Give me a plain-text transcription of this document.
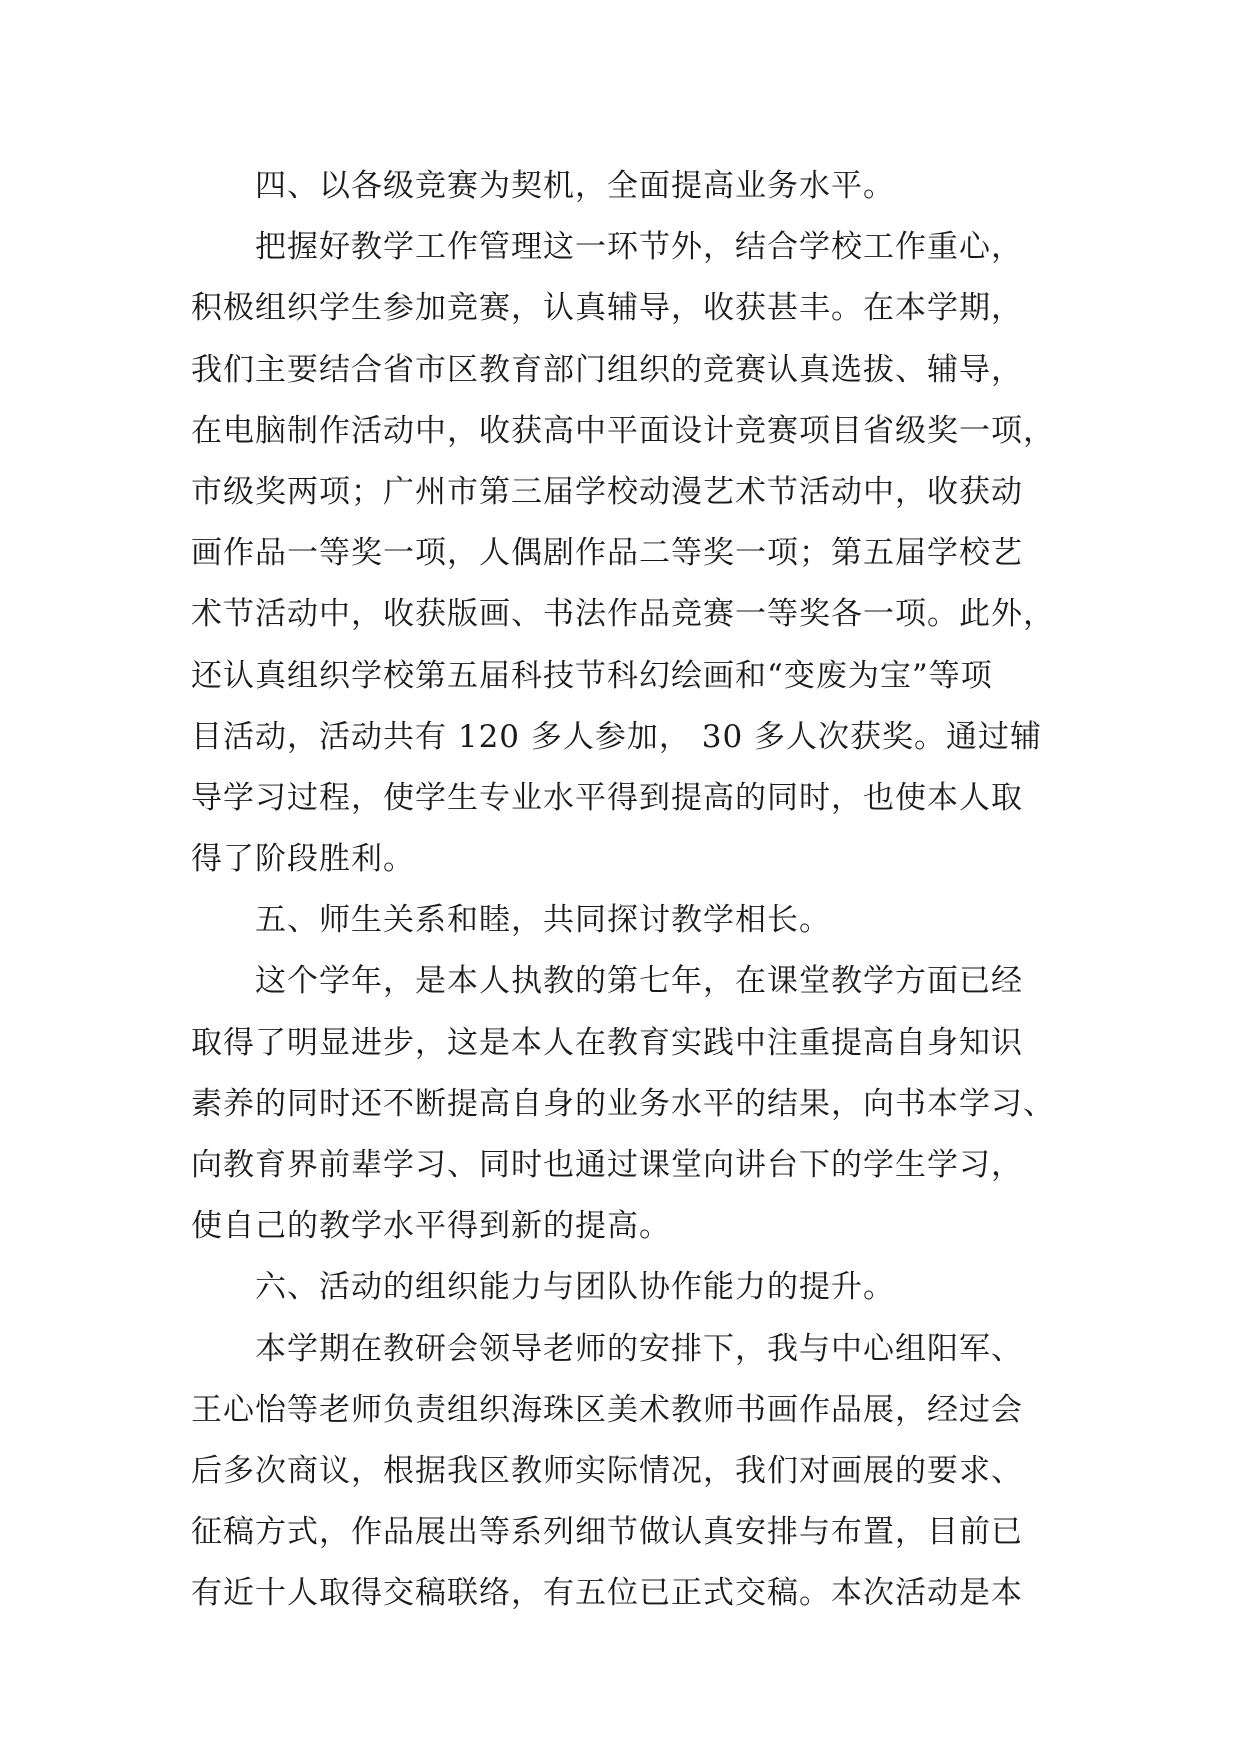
四、以各级竞赛为契机，全面提高业务水平。
把握好教学工作管理这一环节外，结合学校工作重心，
积极组织学生参加竞赛，认真辅导，收获甚丰。在本学期，
我们主要结合省市区教育部门组织的竞赛认真选拔、辅导，
在电脑制作活动中，收获高中平面设计竞赛项目省级奖一项，
市级奖两项；广州市第三届学校动漫艺术节活动中，收获动
画作品一等奖一项，人偶剧作品二等奖一项；第五届学校艺
术节活动中，收获版画、书法作品竞赛一等奖各一项。此外，
还认真组织学校第五届科技节科幻绘画和“变废为宝”等项
目活动，活动共有 120 多人参加， 30 多人次获奖。通过辅
导学习过程，使学生专业水平得到提高的同时，也使本人取
得了阶段胜利。
五、师生关系和睦，共同探讨教学相长。
这个学年，是本人执教的第七年，在课堂教学方面已经
取得了明显进步，这是本人在教育实践中注重提高自身知识
素养的同时还不断提高自身的业务水平的结果，向书本学习、
向教育界前辈学习、同时也通过课堂向讲台下的学生学习，
使自己的教学水平得到新的提高。
六、活动的组织能力与团队协作能力的提升。
本学期在教研会领导老师的安排下，我与中心组阳军、
王心怡等老师负责组织海珠区美术教师书画作品展，经过会
后多次商议，根据我区教师实际情况，我们对画展的要求、
征稿方式，作品展出等系列细节做认真安排与布置，目前已
有近十人取得交稿联络，有五位已正式交稿。本次活动是本
